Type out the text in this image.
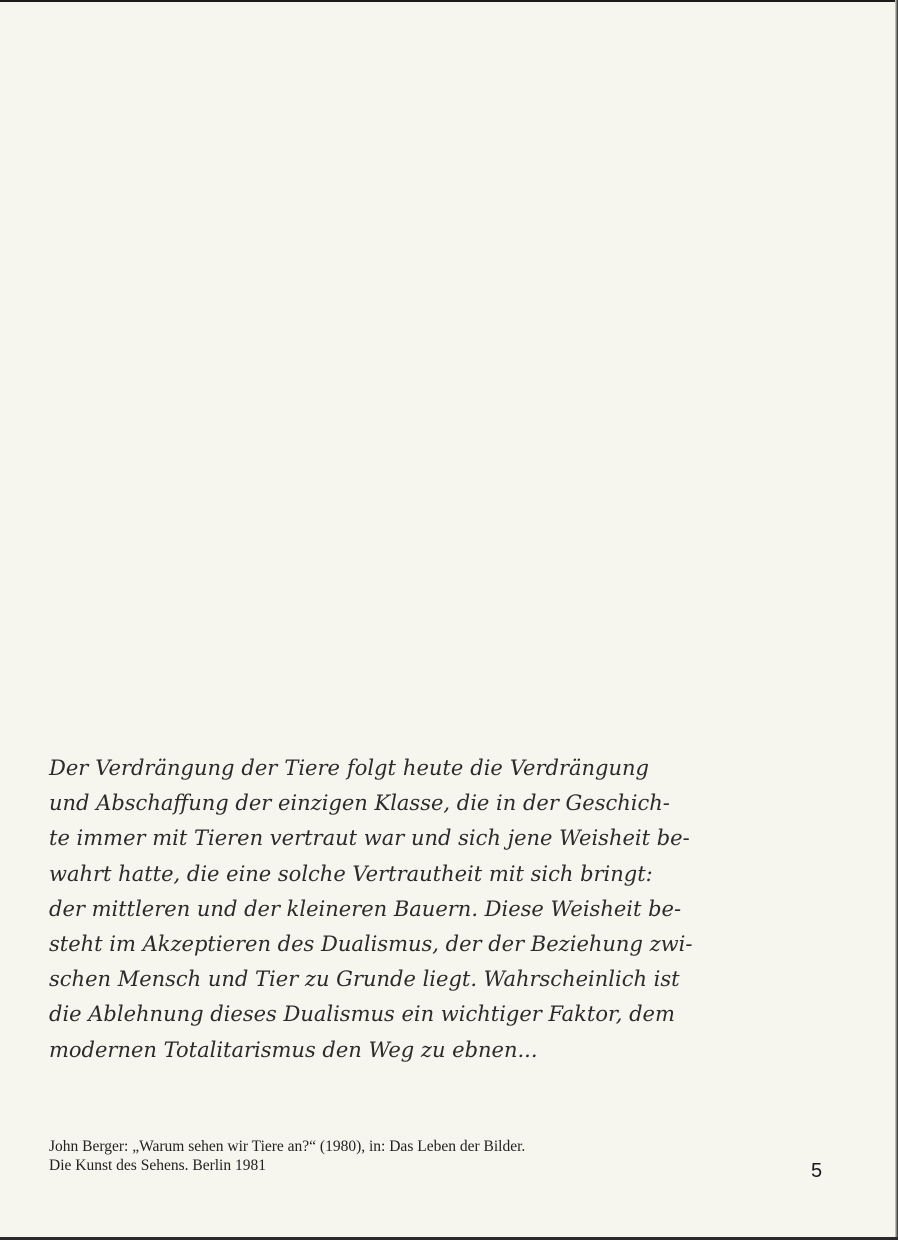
Der Verdrängung der Tiere folgt heute die Verdrängung
und Abschaffung der einzigen Klasse, die in der Geschich-
te immer mit Tieren vertraut war und sich jene Weisheit be-
wahrt hatte, die eine solche Vertrautheit mit sich bringt:
der mittleren und der kleineren Bauern. Diese Weisheit be-
steht im Akzeptieren des Dualismus, der der Beziehung zwi-
schen Mensch und Tier zu Grunde liegt. Wahrscheinlich ist
die Ablehnung dieses Dualismus ein wichtiger Faktor, dem
modernen Totalitarismus den Weg zu ebnen...
John Berger: „Warum sehen wir Tiere an?“ (1980), in: Das Leben der Bilder.
Die Kunst des Sehens. Berlin 1981	5
